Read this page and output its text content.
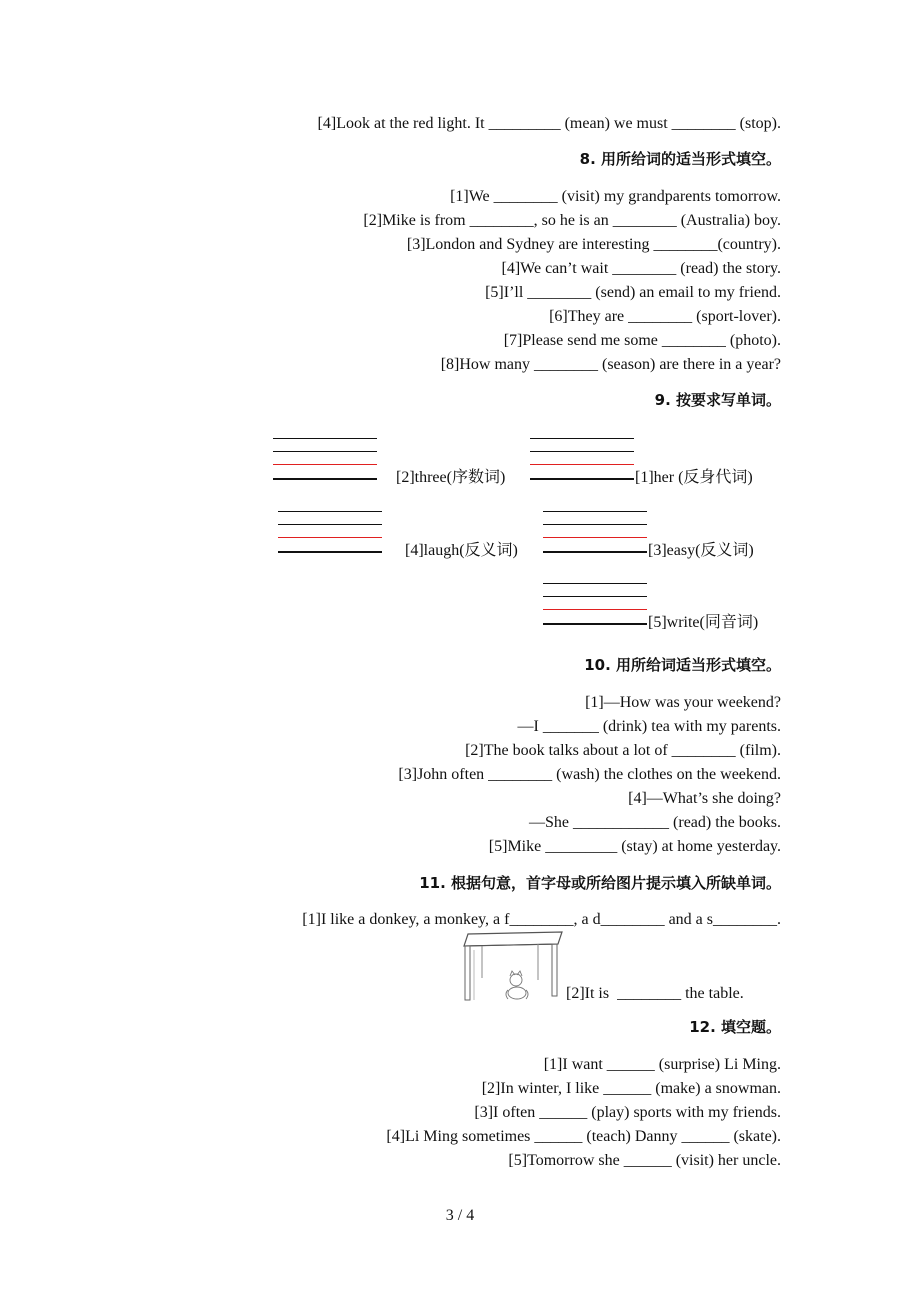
[4]Look at the red light. It _________ (mean) we must ________ (stop).
8. 用所给词的适当形式填空。
[1]We ________ (visit) my grandparents tomorrow.
[2]Mike is from ________, so he is an ________ (Australia) boy.
[3]London and Sydney are interesting ________(country).
[4]We can’t wait ________ (read) the story.
[5]I’ll ________ (send) an email to my friend.
[6]They are ________ (sport-lover).
[7]Please send me some ________ (photo).
[8]How many ________ (season) are there in a year?
9. 按要求写单词。
[2]three(序数词)	[1]her (反身代词)
[4]laugh(反义词)	[3]easy(反义词)
[5]write(同音词)
10. 用所给词适当形式填空。
[1]—How was your weekend?
—I _______ (drink) tea with my parents.
[2]The book talks about a lot of ________ (film).
[3]John often ________ (wash) the clothes on the weekend.
[4]—What’s she doing?
—She ____________ (read) the books.
[5]Mike _________ (stay) at home yesterday.
11. 根据句意，首字母或所给图片提示填入所缺单词。
[1]I like a donkey, a monkey, a f________, a d________ and a s________.
[2]It is  ________ the table.
12. 填空题。
[1]I want ______ (surprise) Li Ming.
[2]In winter, I like ______ (make) a snowman.
[3]I often ______ (play) sports with my friends.
[4]Li Ming sometimes ______ (teach) Danny ______ (skate).
[5]Tomorrow she ______ (visit) her uncle.
3 / 4
